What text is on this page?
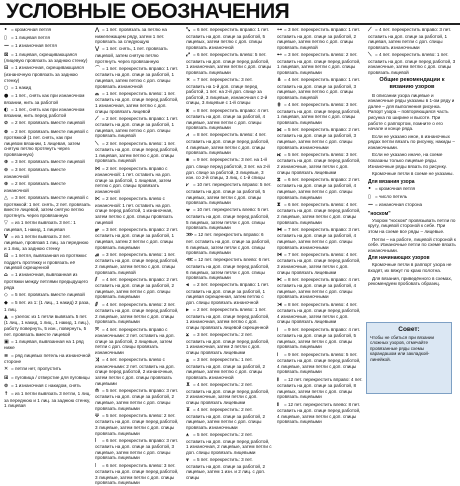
УСЛОВНЫЕ ОБОЗНАЧЕНИЯ

• = кромочная петля

▯ = 1 лицевая петля

— = 1 изнаночная петля

⊠ = 1 лицевая, скрещивающаяся (лицевую провязать за заднюю стенку)

⊟ = 1 изнаночная, скрещивающаяся (изнаночную провязать за заднюю стенку)

○ = 1 накид

● = 1 пет., снять как при изнаночном вязании, нить за работой

◐ = 1 пет., снять как при изнаночном вязании, нить перед работой

⊘ = 2 пет. провязать вместе лицевой

⊗ = 2 пет. провязать вместе лицевой с протяжкой (1 пет. снять, как при лицевом вязании, 1 лицевая, затем снятую петлю протянуть через провязанную)

⊕ = 3 пет. провязать вместе лицевой

⊖ = 3 пет. провязать вместе изнаночной

⊛ = 2 пет. провязать вместе изнаночной

△ = 3 пет. провязать вместе лицевой с протяжкой: 1 пет. снять, 2 пет. провязать вместе лицевой, затем снятую петлю протянуть через провязанную

▽ = из 1 петли вывязать 3 пет.: 1 лицевая, 1 накид, 1 лицевая

V = из 1 петли вывязать 2 пет. лицевые, провязав 1 лиц. за переднюю и 1 лиц. за заднюю стенку

⊡ = 1 петля, вывязанная из протяжки: поддеть протяжку и провязать её лицевой скрещенной

⌂ = 1 изнаночная, вывязанная из протяжки между петлями предыдущего ряда

◇ = 5 пет. провязать вместе лицевой

◆ = 5 пет. из 1: (1 лиц., 1 накид) 2 раза, 1 лиц.

▲ = узелок: из 1 петли вывязать 5 пет. (1 лиц., 1 накид, 1 лиц., 1 накид, 1 лиц.), работу повернуть, 5 изн., повернуть, 5 пет. провязать вместе лицевой

▣ = 1 лицевая, вывязанная на 1 ряд ниже

≡ = ряд лицевых петель на изнаночной стороне

✕ = петли нет, пропустить

⊞ = пуговица / отверстие для пуговицы

⊚ = 1 изнаночная с накидом, снять

↑ = из 1 петли вывязать 3 петли, 1 лиц. за переднюю и 1 лиц. за заднюю стенку, 1 лицевая

⋀ = 1 пет. провязать за петлю на нижележащем ряду, затем 1 пет. провязать за следующую

⋁ = 1 пет. снять, 1 пет. провязать лицевой, затем снятую петлю протянуть через провязанную

⌒ = 1 пет. перекрестить вправо: 1 пет. оставить на доп. спице за работой, 1 лицевая, затем петлю с доп. спицы провязать изнаночной

⌓ = 1 пет. перекрестить влево: 1 пет. оставить на доп. спице перед работой, 1 изнаночная, затем петлю с доп. спицы провязать лицевой

⟋ = 2 пет. перекрестить вправо: 1 пет. оставить на доп. спице за работой, 1 лицевая, затем петлю с доп. спицы провязать лицевой

⟍ = 2 пет. перекрестить влево: 1 пет. оставить на доп. спице перед работой, 1 лицевая, затем петлю с доп. спицы провязать лицевой

⋈ = 2 пет. перекрестить вправо с изнаночной: 1 пет. оставить на доп. спице за работой, 1 лицевая, затем петлю с доп. спицы провязать изнаночной

⋉ = 2 пет. перекрестить влево с изнаночной: 1 пет. оставить на доп. спице перед работой, 1 изнаночная, затем петлю с доп. спицы провязать лицевой

⥂ = 3 пет. перекрестить вправо: 2 пет. оставить на доп. спице за работой, 1 лицевая, затем 2 петли с доп. спицы провязать лицевыми

⥄ = 3 пет. перекрестить влево: 1 пет. оставить на доп. спице перед работой, 2 лицевые, затем петлю с доп. спицы провязать лицевой

⫽ = 4 пет. перекрестить вправо: 2 пет. оставить на доп. спице за работой, 2 лицевые, затем петли с доп. спицы провязать лицевыми

⫻ = 4 пет. перекрестить влево: 2 пет. оставить на доп. спице перед работой, 2 лицевые, затем петли с доп. спицы провязать лицевыми

⤧ = 4 пет. перекрестить вправо с изнаночными: 2 пет. оставить на доп. спице за работой, 2 лицевые, затем петли с доп. спицы провязать изнаночными

⤨ = 4 пет. перекрестить влево с изнаночными: 2 пет. оставить на доп. спице перед работой, 2 изнаночные, затем петли с доп. спицы провязать лицевыми

⟰ = 5 пет. перекрестить вправо: 3 пет. оставить на доп. спице за работой, 2 лицевые, затем петли с доп. спицы провязать лицевыми

⟱ = 5 пет. перекрестить влево: 2 пет. оставить на доп. спице перед работой, 3 лицевые, затем петли с доп. спицы провязать лицевыми

⦚ = 6 пет. перекрестить вправо: 3 пет. оставить на доп. спице за работой, 3 лицевые, затем петли с доп. спицы провязать лицевыми

⦙ = 6 пет. перекрестить влево: 3 пет. оставить на доп. спице перед работой, 3 лицевые, затем петли с доп. спицы провязать лицевыми

⤡ = 6 пет. перекрестить вправо: 1 пет. оставить на доп. спице за работой, 5 лицевых, затем петлю с доп. спицы провязать изнаночной

⤢ = 6 пет. перекрестить влево: 5 пет. оставить на доп. спице перед работой, 1 изнаночная, затем петли с доп. спицы провязать лицевыми

⨯ = 7 пет. перекрестить: 3 пет. оставить на 1-й доп. спице перед работой, 1 пет. на 2-й доп. спице за работой, 3 лицевые, изнаночная с 2-й спицы, 3 лицевые с 1-й спицы

⩙ = 8 пет. перекрестить вправо: 4 пет. оставить на доп. спице за работой, 4 лицевые, затем петли с доп. спицы провязать лицевыми

⩘ = 8 пет. перекрестить влево: 4 пет. оставить на доп. спице перед работой, 4 лицевые, затем петли с доп. спицы провязать лицевыми

⨳ = 9 пет. перекрестить: 3 пет. на 1-й доп. спице перед работой, 3 пет. на 2-й доп. спице за работой, 3 лицевые, 3 изн. со 2-й спицы, 3 лиц. с 1-й спицы

⩗ = 10 пет. перекрестить вправо: 5 пет. оставить на доп. спице за работой, 5 лицевых, затем петли с доп. спицы провязать лицевыми

⩖ = 10 пет. перекрестить влево: 5 пет. оставить на доп. спице перед работой, 5 лицевых, затем петли с доп. спицы провязать лицевыми

⋙= 12 пет. перекрестить вправо: 6 пет. оставить на доп. спице за работой, 6 лицевых, затем петли с доп. спицы провязать лицевыми

⋘= 12 пет. перекрестить влево: 6 пет. оставить на доп. спице перед работой, 6 лицевых, затем петли с доп. спицы провязать лицевыми

⫷ = 2 пет. перекрестить вправо: 1 пет. оставить на доп. спице за работой, 1 лицевая скрещенная, затем петлю с доп. спицы провязать изнаночной

⫸ = 2 пет. перекрестить влево: 1 пет. оставить на доп. спице перед работой, 1 изнаночная, затем петлю с доп. спицы провязать лицевой скрещенной

⨲ = 3 пет. перекрестить: 2 пет. оставить на доп. спице перед работой, 1 изнаночная, затем 2 петли с доп. спицы провязать лицевыми

⨱ = 3 пет. перекрестить: 1 пет. оставить на доп. спице за работой, 2 лицевые, затем петлю с доп. спицы провязать изнаночной

⊻ = 4 пет. перекрестить: 2 пет. оставить на доп. спице перед работой, 2 изнаночные, затем петли с доп. спицы провязать лицевыми

⊼ = 4 пет. перекрестить: 2 пет. оставить на доп. спице за работой, 2 лицевые, затем петли с доп. спицы провязать изнаночными

⩚ = 5 пет. перекрестить: 2 пет. оставить на доп. спице перед работой, 1 изнаночная, 2 лицевые, затем петли с доп. спицы провязать лицевыми

⩛ = 5 пет. перекрестить: 3 пет. оставить на доп. спице за работой, 2 лицевые, затем 1 изн. и 2 лиц. с доп. спицы

⊶ = 3 пет. перекрестить вправо: 1 пет. оставить на доп. спице за работой, 2 лицевые, затем петлю с доп. спицы провязать лицевой

⊷ = 3 пет. перекрестить влево: 2 пет. оставить на доп. спице перед работой, 1 лицевая, затем петли с доп. спицы провязать лицевыми

⋔ = 4 пет. перекрестить вправо: 1 пет. оставить на доп. спице за работой, 3 лицевые, затем петлю с доп. спицы провязать лицевой

⋕ = 4 пет. перекрестить влево: 3 пет. оставить на доп. спице перед работой, 1 лицевая, затем петли с доп. спицы провязать лицевыми

⟗ = 5 пет. перекрестить вправо: 2 пет. оставить на доп. спице за работой, 3 лицевые, затем петли с доп. спицы провязать изнаночными

⟖ = 5 пет. перекрестить влево: 3 пет. оставить на доп. спице перед работой, 2 изнаночные, затем петли с доп. спицы провязать лицевыми

⧖ = 6 пет. перекрестить вправо: 2 пет. оставить на доп. спице за работой, 4 лицевые, затем петли с доп. спицы провязать лицевыми

⧗ = 6 пет. перекрестить влево: 4 пет. оставить на доп. спице перед работой, 2 лицевые, затем петли с доп. спицы провязать лицевыми

⧓ = 7 пет. перекрестить вправо: 3 пет. оставить на доп. спице за работой, 4 лицевые, затем петли с доп. спицы провязать изнаночными

⧒ = 7 пет. перекрестить влево: 4 пет. оставить на доп. спице перед работой, 3 изнаночные, затем петли с доп. спицы провязать лицевыми

⧔ = 8 пет. перекрестить вправо: 4 пет. оставить на доп. спице за работой, 4 лицевые, затем петли с доп. спицы провязать изнаночными

⧕ = 8 пет. перекрестить влево: 4 пет. оставить на доп. спице перед работой, 4 изнаночные, затем петли с доп. спицы провязать лицевыми

⧘ = 9 пет. перекрестить вправо: 4 пет. оставить на доп. спице за работой, 5 лицевых, затем петли с доп. спицы провязать лицевыми

⧙ = 9 пет. перекрестить влево: 5 пет. оставить на доп. спице перед работой, 4 лицевые, затем петли с доп. спицы провязать лицевыми

⧚ = 12 пет. перекрестить вправо: 4 пет. оставить на доп. спице за работой, 8 лицевых, затем петли с доп. спицы провязать лицевыми

⧛ = 12 пет. перекрестить влево: 8 пет. оставить на доп. спице перед работой, 4 лицевые, затем петли с доп. спицы провязать лицевыми

⟋ = 4 пет. перекрестить вправо: 3 пет. оставить на доп. спице за работой, 1 лицевая, затем петли с доп. спицы провязать изнаночными

⟍ = 4 пет. перекрестить влево: 1 пет. оставить на доп. спице перед работой, 3 изнаночные, затем петлю с доп. спицы провязать лицевой

Общие рекомендации к вязанию узоров

В описании узора лицевые и изнаночные ряды указаны в 1-ом ряду и далее – для выполнения рисунка. Рапорт узора – повторяющаяся часть рисунка по ширине и высоте. При работе с раппортом, помните о его начале и конце ряда.

Если не указано иное, в изнаночных рядах петли вязать по рисунку, накиды – изнаночными.

Если не указано иначе, на схеме показаны только лицевые ряды. Изнаночные ряды вязать по рисунку.

Кромочные петли в схеме не указаны.

Для вязания узора

• = кромочная петля

▯ = число петель

— = изнаночная сторона

"носком"

Узором "носком" провязывать петли по кругу, лицевой стороной к себе. При этом на схеме все ряды – лицевые.

Петли – на работе, лицевой стороной к себе. Изнаночные петли по схеме вязать изнаночными.

Для начинающих узоров

Кромочные петли в раппорт узора не входят, их вяжут по краю полотна.

Для вязания, приведённого в схемах, рекомендуем пробовать образец.

Совет:

Чтобы не сбиться при вязании сложных узоров, отмечайте провязанные ряды схемы карандашом или закладкой-линейкой.
